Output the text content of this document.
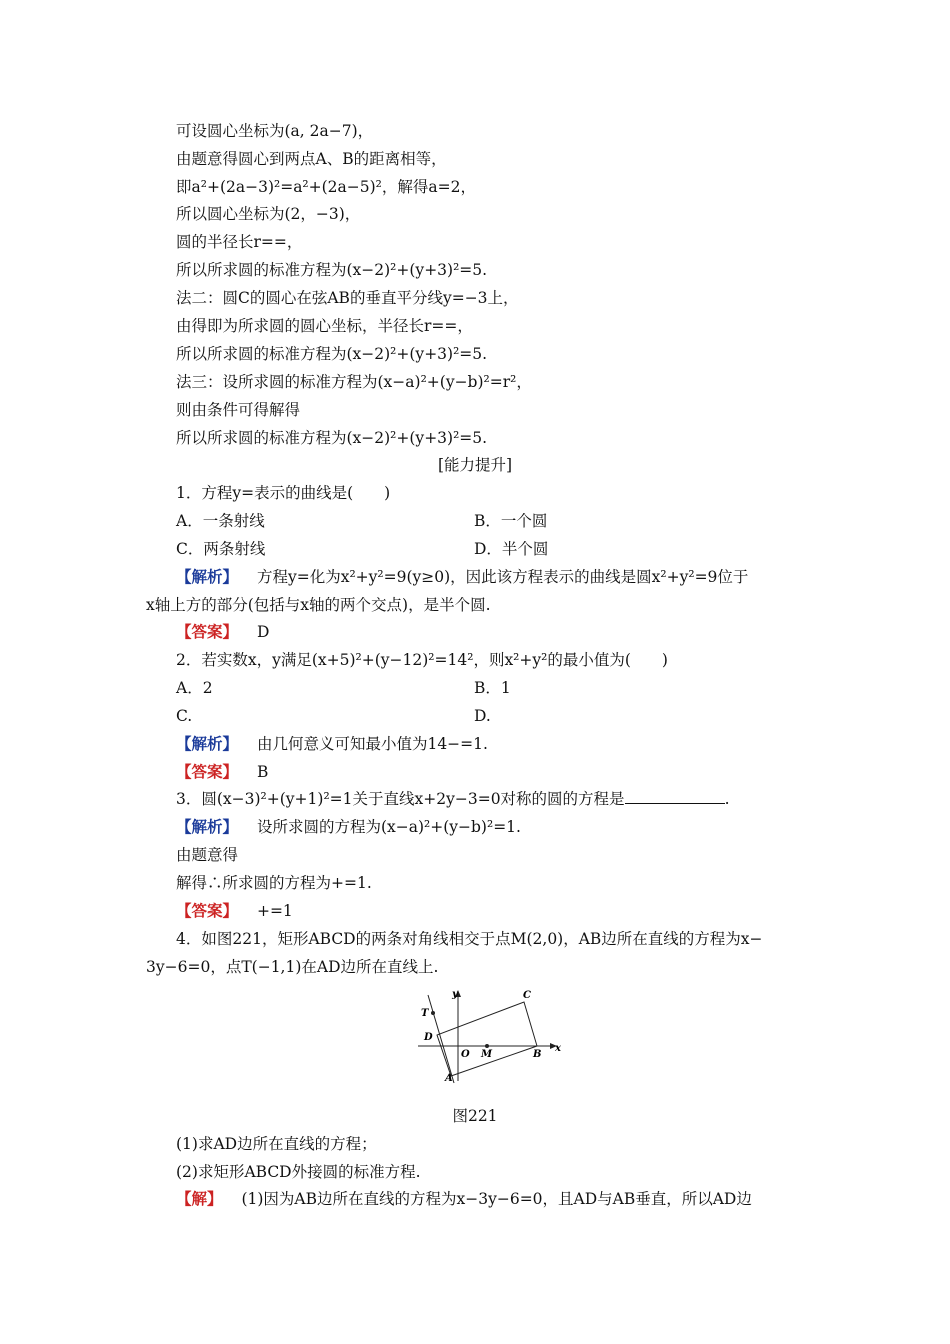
可设圆心坐标为(a, 2a−7)，
由题意得圆心到两点A、B的距离相等，
即a²+(2a−3)²=a²+(2a−5)²，解得a=2，
所以圆心坐标为(2，−3)，
圆的半径长r==，
所以所求圆的标准方程为(x−2)²+(y+3)²=5.
法二：圆C的圆心在弦AB的垂直平分线y=−3上，
由得即为所求圆的圆心坐标，半径长r==，
所以所求圆的标准方程为(x−2)²+(y+3)²=5.
法三：设所求圆的标准方程为(x−a)²+(y−b)²=r²，
则由条件可得解得
所以所求圆的标准方程为(x−2)²+(y+3)²=5.
[能力提升]
1．方程y=表示的曲线是(　　)
A．一条射线	B．一个圆
C．两条射线	D．半个圆
【解析】 方程y=化为x²+y²=9(y≥0)，因此该方程表示的曲线是圆x²+y²=9位于
x轴上方的部分(包括与x轴的两个交点)，是半个圆.
【答案】 D
2．若实数x，y满足(x+5)²+(y−12)²=14²，则x²+y²的最小值为(　　)
A．2	B．1
C.	D.
【解析】 由几何意义可知最小值为14−=1.
【答案】 B
3．圆(x−3)²+(y+1)²=1关于直线x+2y−3=0对称的圆的方程是	.
【解析】 设所求圆的方程为(x−a)²+(y−b)²=1.
由题意得
解得∴所求圆的方程为+=1.
【答案】 +=1
4．如图221，矩形ABCD的两条对角线相交于点M(2,0)，AB边所在直线的方程为x−
3y−6=0，点T(−1,1)在AD边所在直线上.
y
x
T
D
O M	B
C
A
图221
(1)求AD边所在直线的方程；
(2)求矩形ABCD外接圆的标准方程.
【解】 (1)因为AB边所在直线的方程为x−3y−6=0，且AD与AB垂直，所以AD边
